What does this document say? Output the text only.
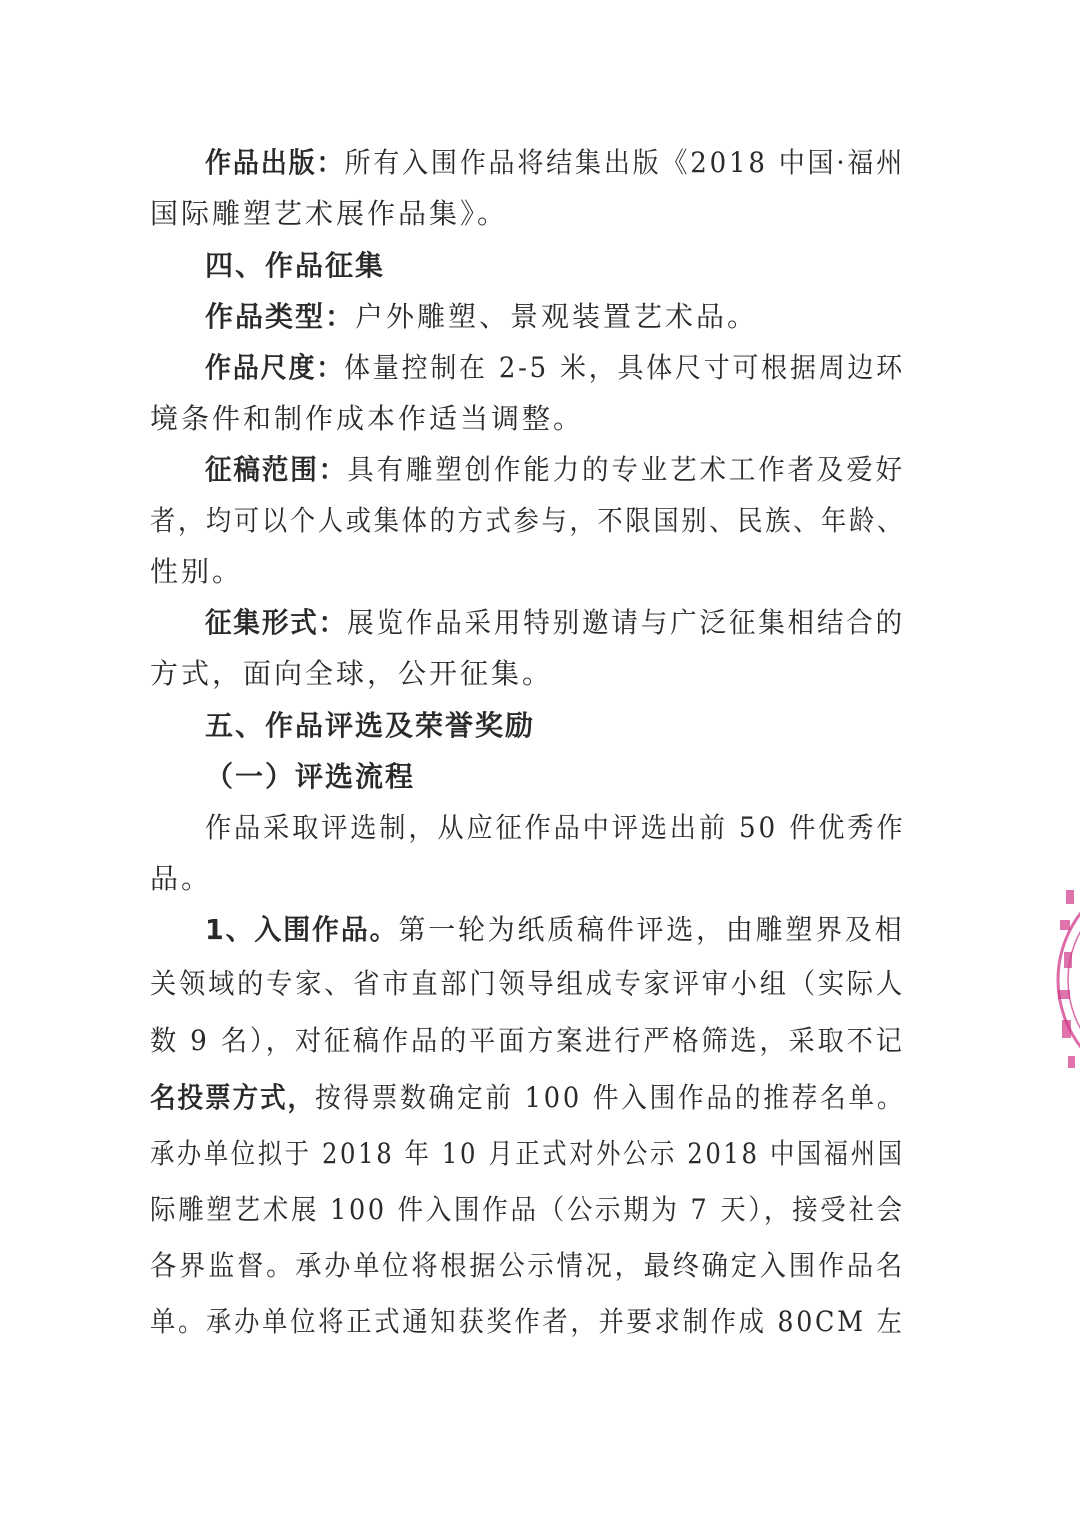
作品出版：所有入围作品将结集出版《2018 中国·福州
国际雕塑艺术展作品集》。
四、作品征集
作品类型：户外雕塑、景观装置艺术品。
作品尺度：体量控制在 2-5 米，具体尺寸可根据周边环
境条件和制作成本作适当调整。
征稿范围：具有雕塑创作能力的专业艺术工作者及爱好
者，均可以个人或集体的方式参与，不限国别、民族、年龄、
性别。
征集形式：展览作品采用特别邀请与广泛征集相结合的
方式，面向全球，公开征集。
五、作品评选及荣誉奖励
（一）评选流程
作品采取评选制，从应征作品中评选出前 50 件优秀作
品。
1、入围作品。第一轮为纸质稿件评选，由雕塑界及相
关领域的专家、省市直部门领导组成专家评审小组（实际人
数 9 名），对征稿作品的平面方案进行严格筛选，采取不记
名投票方式，按得票数确定前 100 件入围作品的推荐名单。
承办单位拟于 2018 年 10 月正式对外公示 2018 中国福州国
际雕塑艺术展 100 件入围作品（公示期为 7 天），接受社会
各界监督。承办单位将根据公示情况，最终确定入围作品名
单。承办单位将正式通知获奖作者，并要求制作成 80CM 左
